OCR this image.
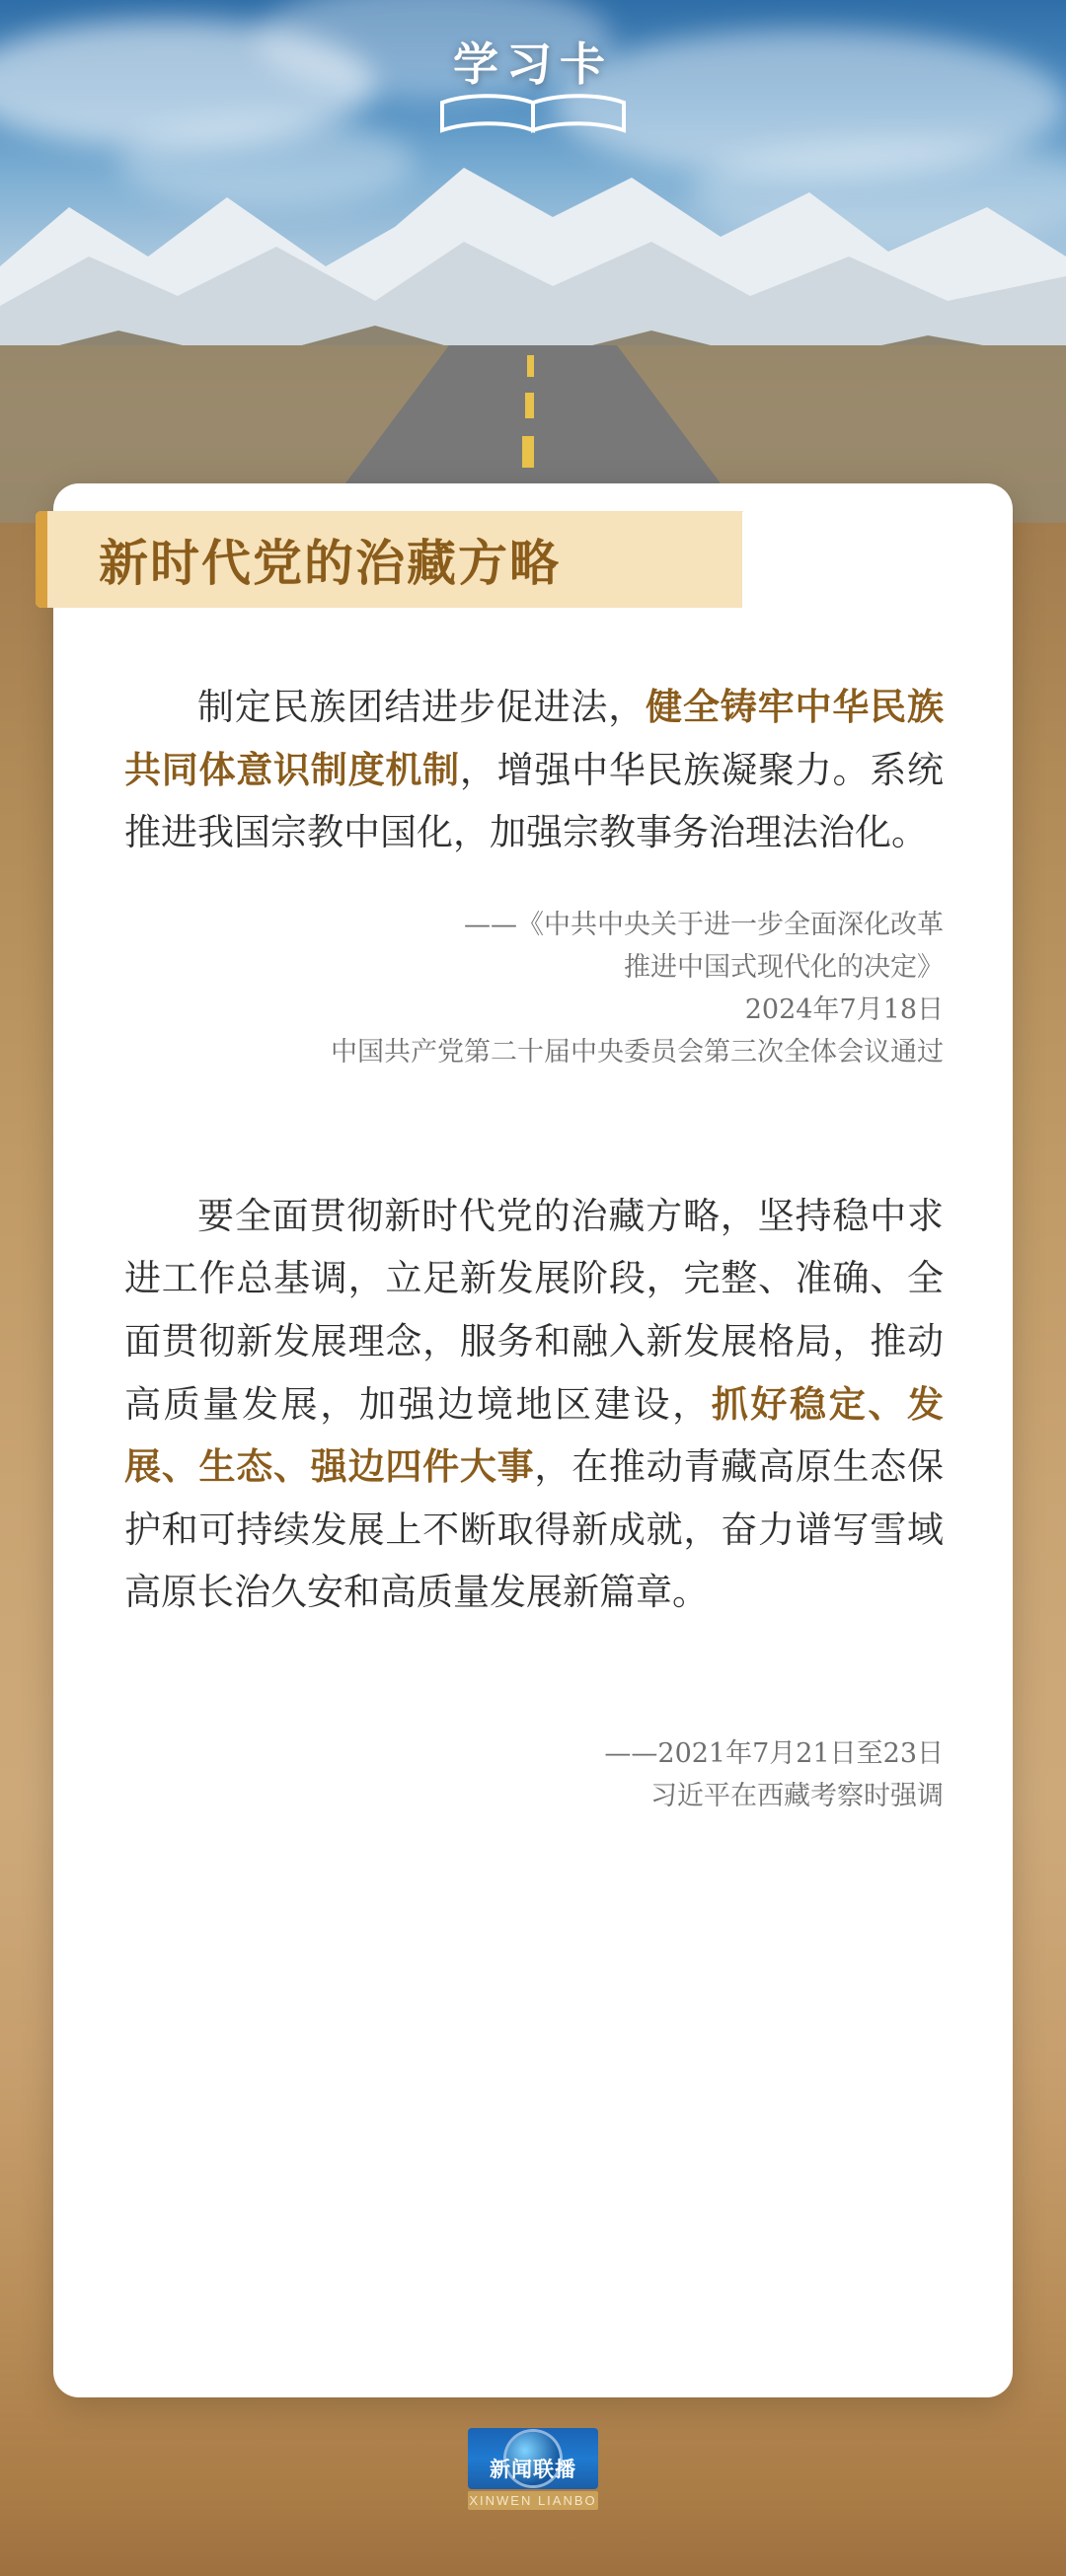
学习卡
新时代党的治藏方略

制定民族团结进步促进法，健全铸牢中华民族共同体意识制度机制，增强中华民族凝聚力。系统推进我国宗教中国化，加强宗教事务治理法治化。

——《中共中央关于进一步全面深化改革
推进中国式现代化的决定》
2024年7月18日
中国共产党第二十届中央委员会第三次全体会议通过

要全面贯彻新时代党的治藏方略，坚持稳中求进工作总基调，立足新发展阶段，完整、准确、全面贯彻新发展理念，服务和融入新发展格局，推动高质量发展，加强边境地区建设，抓好稳定、发展、生态、强边四件大事，在推动青藏高原生态保护和可持续发展上不断取得新成就，奋力谱写雪域高原长治久安和高质量发展新篇章。

——2021年7月21日至23日
习近平在西藏考察时强调
新闻联播
XINWEN LIANBO
